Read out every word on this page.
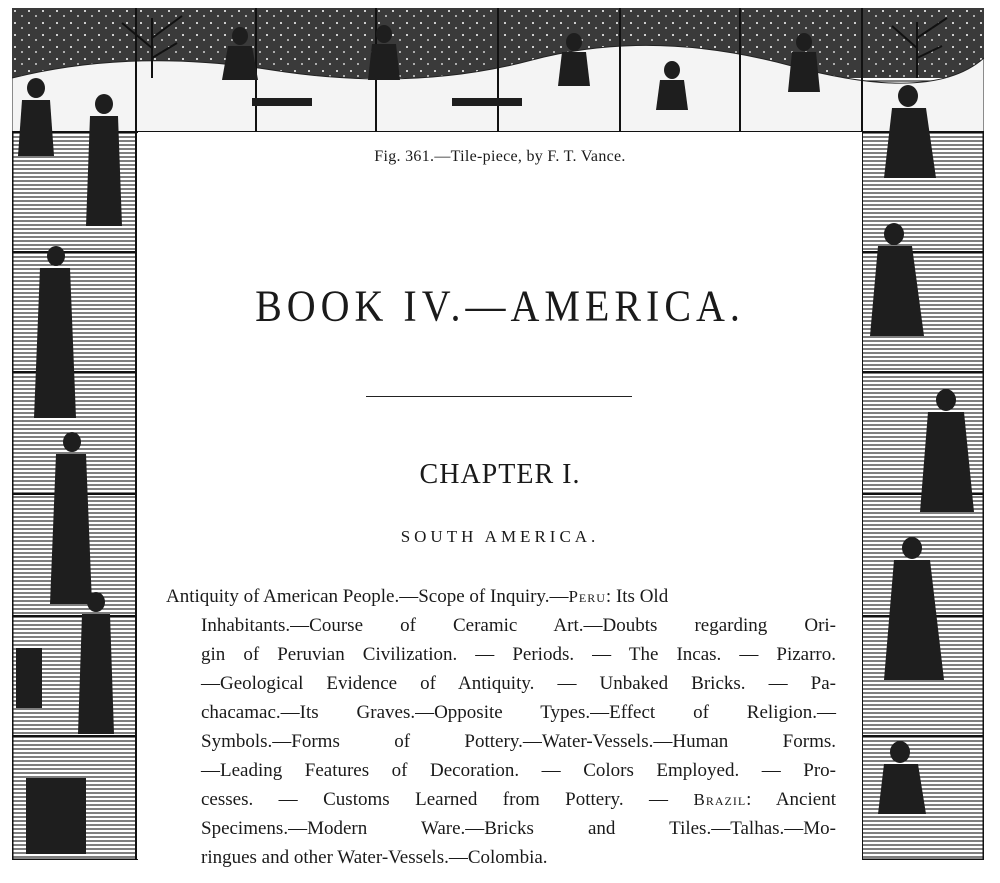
Fig. 361.—Tile-piece, by F. T. Vance.
BOOK IV.—AMERICA.
CHAPTER I.
SOUTH AMERICA.
Antiquity of American People.—Scope of Inquiry.—Peru: Its Old
Inhabitants.—Course of Ceramic Art.—Doubts regarding Ori-
gin of Peruvian Civilization. — Periods. — The Incas. — Pizarro.
—Geological Evidence of Antiquity. — Unbaked Bricks. — Pa-
chacamac.—Its Graves.—Opposite Types.—Effect of Religion.—
Symbols.—Forms of Pottery.—Water-Vessels.—Human Forms.
—Leading Features of Decoration. — Colors Employed. — Pro-
cesses. — Customs Learned from Pottery. — Brazil: Ancient
Specimens.—Modern Ware.—Bricks and Tiles.—Talhas.—Mo-
ringues and other Water-Vessels.—Colombia.
